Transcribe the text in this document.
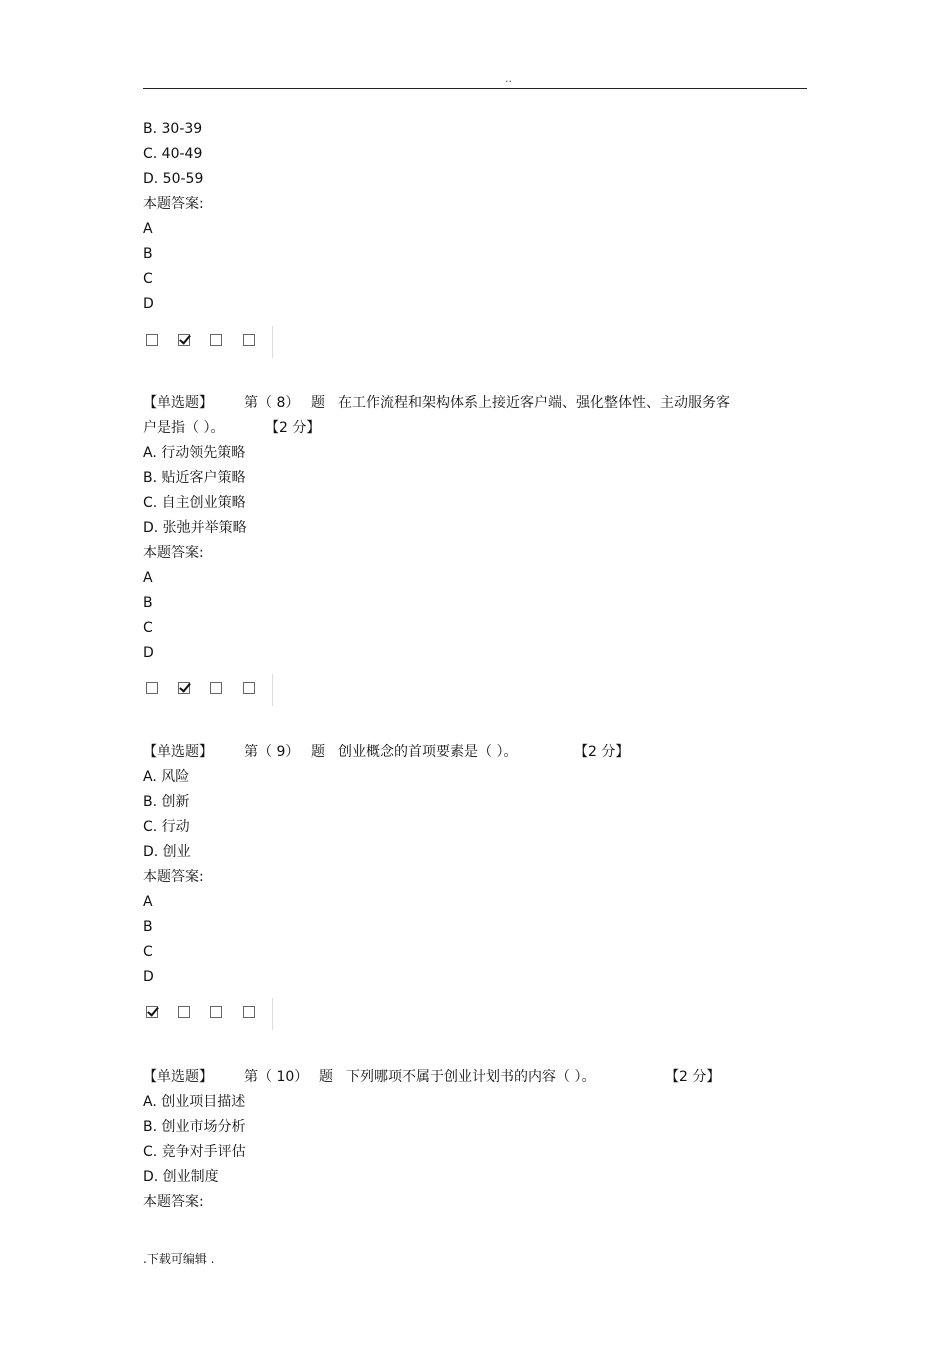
..
B. 30-39
C. 40-49
D. 50-59
本题答案:
A
B
C
D
【单选题】 第（ 8） 题 在工作流程和架构体系上接近客户端、强化整体性、主动服务客
户是指（ ）。	【2 分】
A. 行动领先策略
B. 贴近客户策略
C. 自主创业策略
D. 张弛并举策略
本题答案:
A
B
C
D
【单选题】 第（ 9） 题 创业概念的首项要素是（ ）。	【2 分】
A. 风险
B. 创新
C. 行动
D. 创业
本题答案:
A
B
C
D
【单选题】 第（ 10） 题 下列哪项不属于创业计划书的内容（ ）。	【2 分】
A. 创业项目描述
B. 创业市场分析
C. 竞争对手评估
D. 创业制度
本题答案:
.下载可编辑 .
